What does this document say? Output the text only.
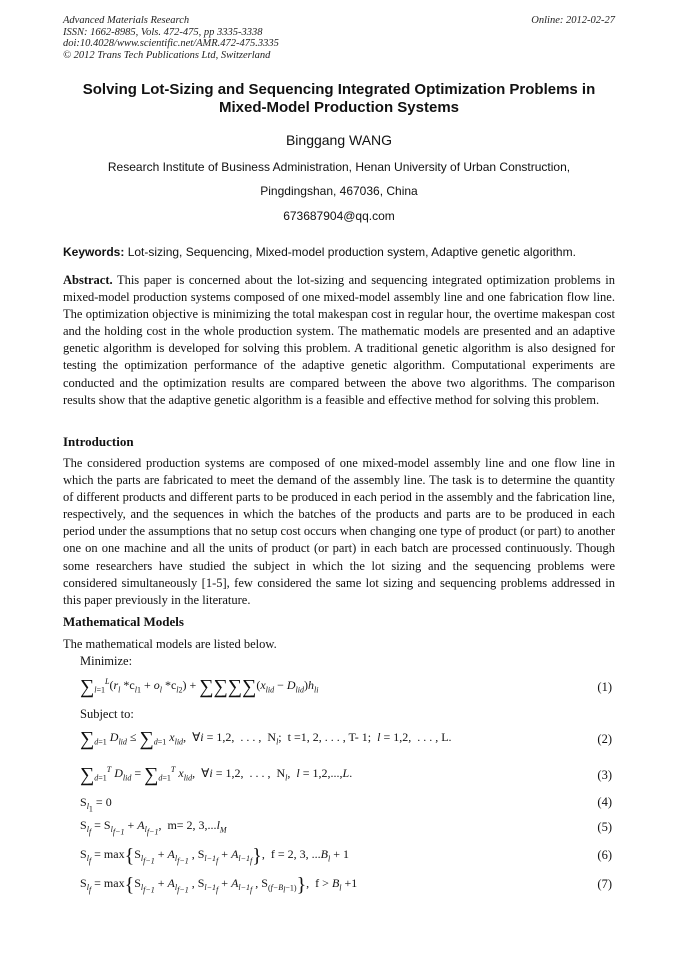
Advanced Materials Research
ISSN: 1662-8985, Vols. 472-475, pp 3335-3338
doi:10.4028/www.scientific.net/AMR.472-475.3335
© 2012 Trans Tech Publications Ltd, Switzerland
Online: 2012-02-27
Solving Lot-Sizing and Sequencing Integrated Optimization Problems in
Mixed-Model Production Systems
Binggang WANG
Research Institute of Business Administration, Henan University of Urban Construction,
Pingdingshan, 467036, China
673687904@qq.com
Keywords: Lot-sizing, Sequencing, Mixed-model production system, Adaptive genetic algorithm.

Abstract. This paper is concerned about the lot-sizing and sequencing integrated optimization problems in mixed-model production systems composed of one mixed-model assembly line and one fabrication flow line. The optimization objective is minimizing the total makespan cost in regular hour, the overtime makespan cost and the holding cost in the whole production system. The mathematic models are presented and an adaptive genetic algorithm is developed for solving this problem. A traditional genetic algorithm is also designed for testing the optimization performance of the adaptive genetic algorithm. Computational experiments are conducted and the optimization results are compared between the above two algorithms. The comparison results show that the adaptive genetic algorithm is a feasible and effective method for solving this problem.

Introduction

The considered production systems are composed of one mixed-model assembly line and one flow line in which the parts are fabricated to meet the demand of the assembly line. The task is to determine the quantity of different products and different parts to be produced in each period in the assembly and the fabrication line, respectively, and the sequences in which the batches of the products and parts are to be produced in each period under the assumptions that no setup cost occurs when changing one type of product (or part) to another one on one machine and all the units of product (or part) in each batch are processed continuously. Though some researchers have studied the subject in which the lot sizing and the sequencing problems were considered simultaneously [1-5], few considered the same lot sizing and sequencing problems addressed in this paper previously in the literature.

Mathematical Models
The mathematical models are listed below.
Minimize:
$\sum_{l=1}^L(r_l$ $*c_{l1} + o_l$ $*c_{l2}) + \sum\sum\sum\sum(x_{lid} - D_{lid})h_{li}$	(1)
Subject to:
$\sum_{d=1}$ $D_{lid} \le \sum_{d=1}$ $x_{lid}$,  ∀i = 1,2,  . . . ,  $N_l$;  t =1, 2, . . . , T- 1; l = 1,2,  . . . , L.	(2)
$\sum_{d=1}^T$ $D_{lid} = \sum_{d=1}^T$ $x_{lid}$,  ∀i = 1,2,  . . . ,  $N_l$,  l = 1,2,...,L.	(3)
$S_{l_1} = 0$	(4)
$S_{l_f} = S_{l_{f-1}} + A_{l_{f-1}}$,  m= 2, $3,...l_M$	(5)
$S_{l_f} = \max\{S_{l_{f-1}} + A_{l_{f-1}}$ , $S_{l-1_f} + A_{l-1_f}$},  f = 2, 3, $...B_l + 1$	(6)
$S_{l_f} = \max\{S_{l_{f-1}} + A_{l_{f-1}}$ , $S_{l-1_f} + A_{l-1_f}$ , $S_{(f-B_l-1)}$},  $f > B_l +1$	(7)
